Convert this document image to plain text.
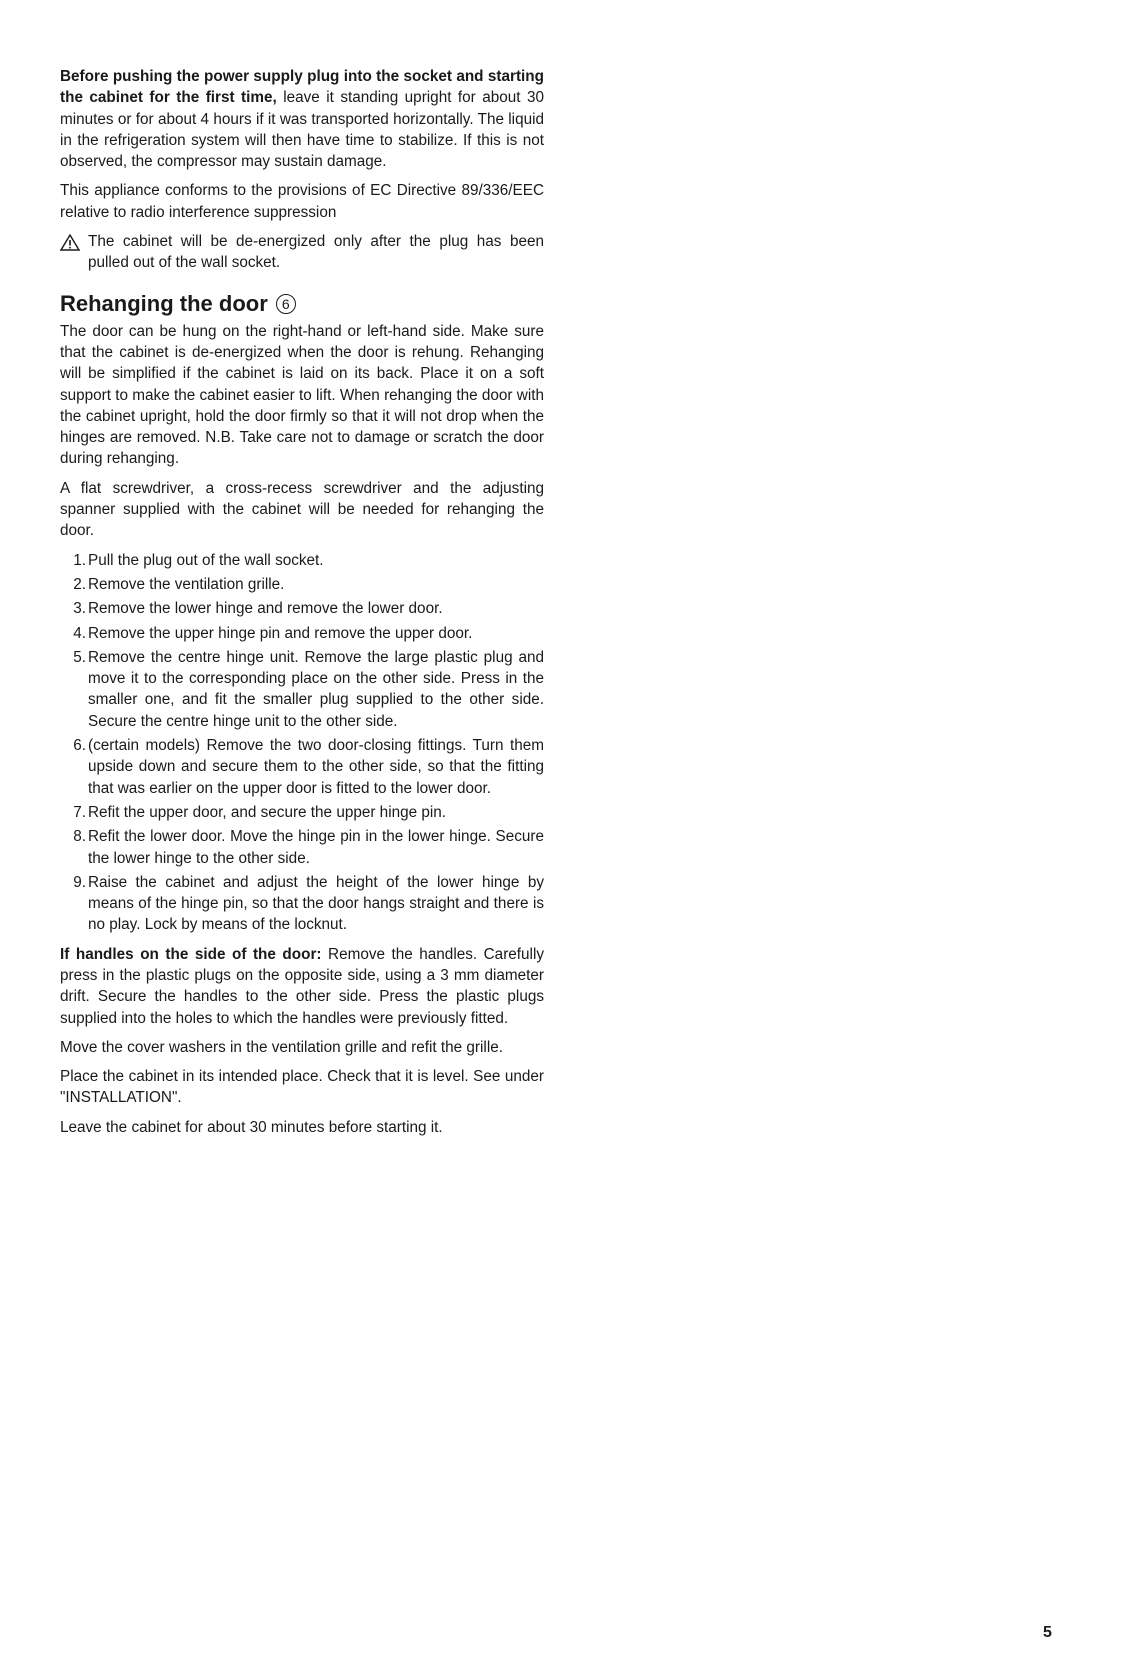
Before pushing the power supply plug into the socket and starting the cabinet for the first time, leave it standing upright for about 30 minutes or for about 4 hours if it was transported horizontally. The liquid in the refrigeration system will then have time to stabilize. If this is not observed, the compressor may sustain damage.

This appliance conforms to the provisions of EC Directive 89/336/EEC relative to radio interference suppression

The cabinet will be de-energized only after the plug has been pulled out of the wall socket.
Rehanging the door	6

The door can be hung on the right-hand or left-hand side. Make sure that the cabinet is de-energized when the door is rehung. Rehanging will be simplified if the cabinet is laid on its back. Place it on a soft support to make the cabinet easier to lift. When rehanging the door with the cabinet upright, hold the door firmly so that it will not drop when the hinges are removed. N.B. Take care not to damage or scratch the door during rehanging.

A flat screwdriver, a cross-recess screwdriver and the adjusting spanner supplied with the cabinet will be needed for rehanging the door.

1. Pull the plug out of the wall socket.
2. Remove the ventilation grille.
3. Remove the lower hinge and remove the lower door.
4. Remove the upper hinge pin and remove the upper door.
5. Remove the centre hinge unit. Remove the large plastic plug and move it to the corresponding place on the other side. Press in the smaller one, and fit the smaller plug supplied to the other side. Secure the centre hinge unit to the other side.
6. (certain models) Remove the two door-closing fittings. Turn them upside down and secure them to the other side, so that the fitting that was earlier on the upper door is fitted to the lower door.
7. Refit the upper door, and secure the upper hinge pin.
8. Refit the lower door. Move the hinge pin in the lower hinge. Secure the lower hinge to the other side.
9. Raise the cabinet and adjust the height of the lower hinge by means of the hinge pin, so that the door hangs straight and there is no play. Lock by means of the locknut.

If handles on the side of the door: Remove the handles. Carefully press in the plastic plugs on the opposite side, using a 3 mm diameter drift. Secure the handles to the other side. Press the plastic plugs supplied into the holes to which the handles were previously fitted.

Move the cover washers in the ventilation grille and refit the grille.

Place the cabinet in its intended place. Check that it is level. See under "INSTALLATION".

Leave the cabinet for about 30 minutes before starting it.

5
